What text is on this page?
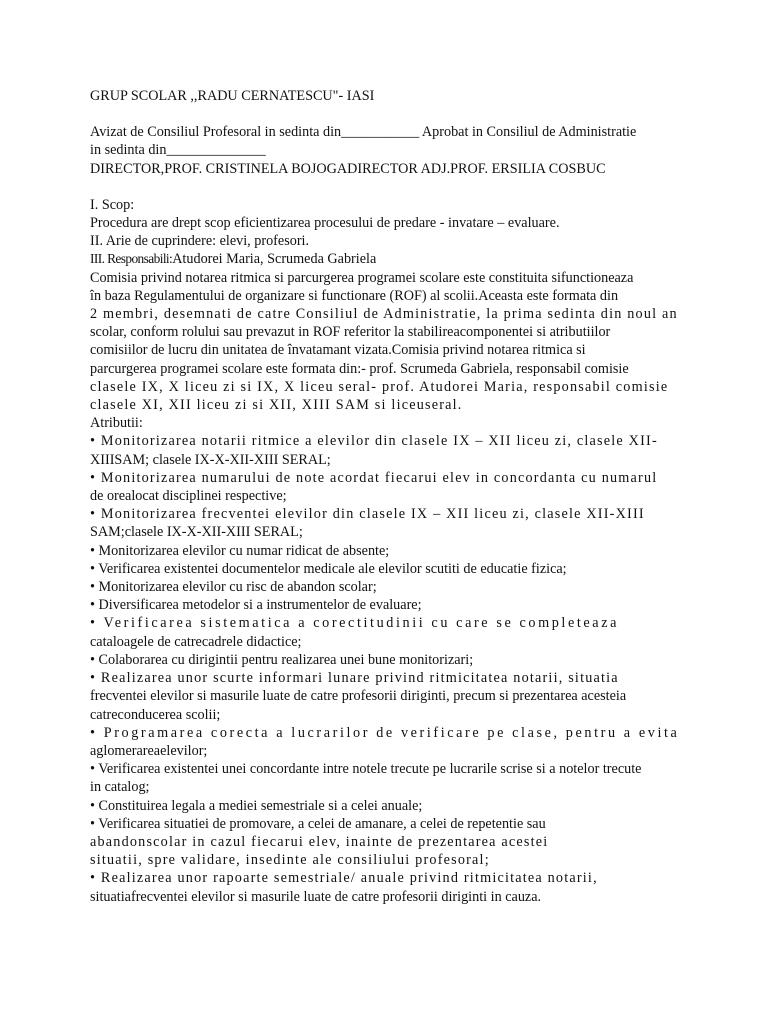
GRUP SCOLAR ,,RADU CERNATESCU"- IASI
Avizat de Consiliul Profesoral in sedinta din___________ Aprobat in Consiliul de Administratie
in sedinta din______________
DIRECTOR,PROF. CRISTINELA BOJOGADIRECTOR ADJ.PROF. ERSILIA COSBUC
I. Scop:
Procedura are drept scop eficientizarea procesului de predare - invatare – evaluare.
II. Arie de cuprindere: elevi, profesori.
III. Responsabili:Atudorei Maria, Scrumeda Gabriela
Comisia privind notarea ritmica si parcurgerea programei scolare este constituita sifunctioneaza
în baza Regulamentului de organizare si functionare (ROF) al scolii.Aceasta este formata din
2 membri, desemnati de catre Consiliul de Administratie, la prima sedinta din noul an
scolar, conform rolului sau prevazut in ROF referitor la stabilireacomponentei si atributiilor
comisiilor de lucru din unitatea de învatamant vizata.Comisia privind notarea ritmica si
parcurgerea programei scolare este formata din:- prof. Scrumeda Gabriela, responsabil comisie
clasele IX, X liceu zi si IX, X liceu seral- prof. Atudorei Maria, responsabil comisie
clasele XI, XII liceu zi si XII, XIII SAM si liceuseral.
Atributii:
• Monitorizarea notarii ritmice a elevilor din clasele IX – XII liceu zi, clasele XII-
XIIISAM; clasele IX-X-XII-XIII SERAL;
• Monitorizarea numarului de note acordat fiecarui elev in concordanta cu numarul
de orealocat disciplinei respective;
• Monitorizarea frecventei elevilor din clasele IX – XII liceu zi, clasele XII-XIII
SAM;clasele IX-X-XII-XIII SERAL;
• Monitorizarea elevilor cu numar ridicat de absente;
• Verificarea existentei documentelor medicale ale elevilor scutiti de educatie fizica;
• Monitorizarea elevilor cu risc de abandon scolar;
• Diversificarea metodelor si a instrumentelor de evaluare;
• Verificarea sistematica a corectitudinii cu care se completeaza
cataloagele de catrecadrele didactice;
• Colaborarea cu dirigintii pentru realizarea unei bune monitorizari;
• Realizarea unor scurte informari lunare privind ritmicitatea notarii, situatia
frecventei elevilor si masurile luate de catre profesorii diriginti, precum si prezentarea acesteia
catreconducerea scolii;
• Programarea corecta a lucrarilor de verificare pe clase, pentru a evita
aglomerareaelevilor;
• Verificarea existentei unei concordante intre notele trecute pe lucrarile scrise si a notelor trecute
in catalog;
• Constituirea legala a mediei semestriale si a celei anuale;
• Verificarea situatiei de promovare, a celei de amanare, a celei de repetentie sau
abandonscolar in cazul fiecarui elev, inainte de prezentarea acestei
situatii, spre validare, insedinte ale consiliului profesoral;
• Realizarea unor rapoarte semestriale/ anuale privind ritmicitatea notarii,
situatiafrecventei elevilor si masurile luate de catre profesorii diriginti in cauza.
